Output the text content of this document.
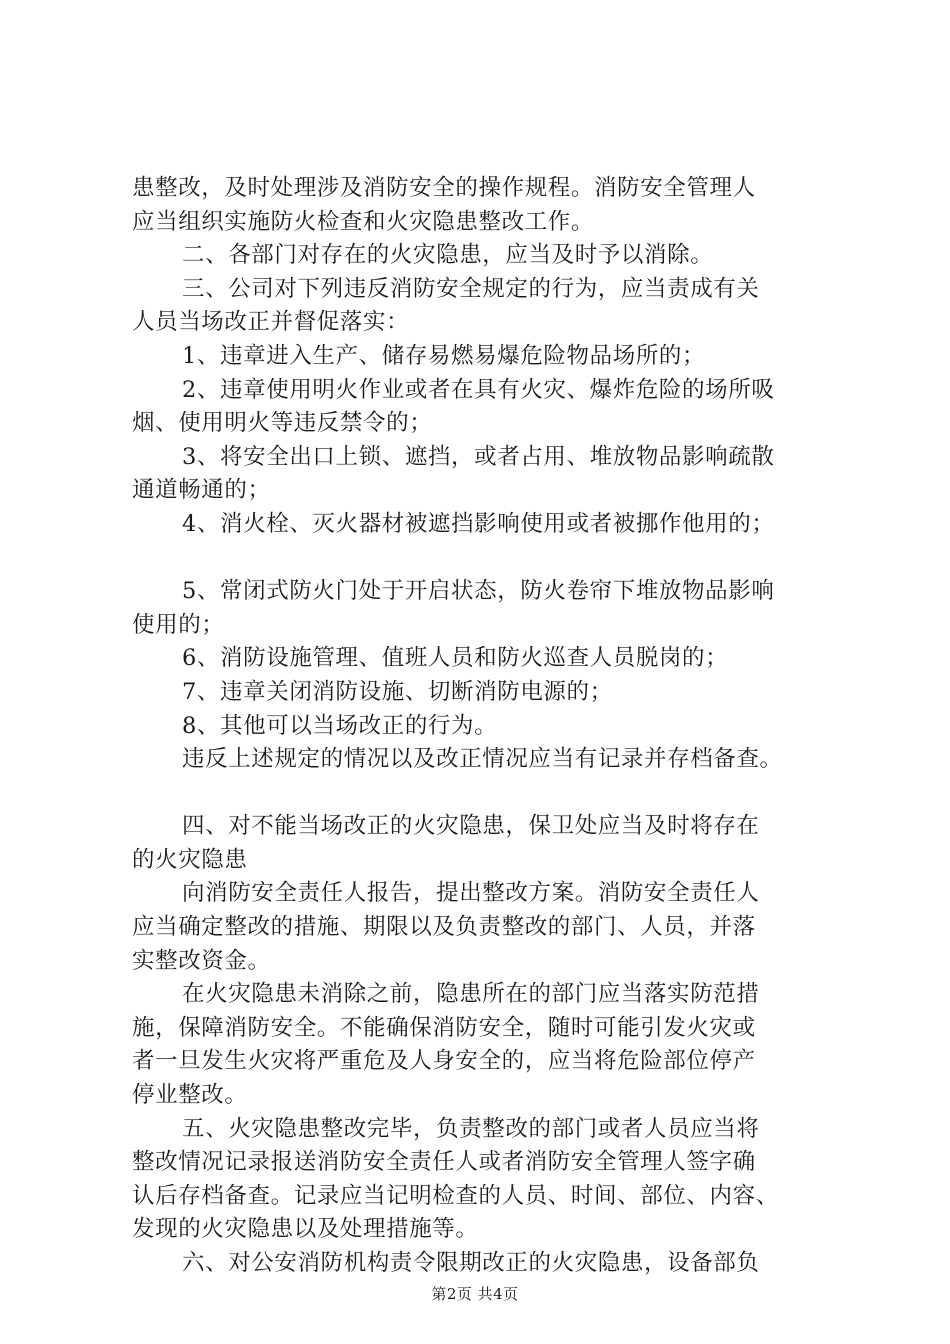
患整改，及时处理涉及消防安全的操作规程。消防安全管理人
应当组织实施防火检查和火灾隐患整改工作。
二、各部门对存在的火灾隐患，应当及时予以消除。
三、公司对下列违反消防安全规定的行为，应当责成有关
人员当场改正并督促落实：
1、违章进入生产、储存易燃易爆危险物品场所的；
2、违章使用明火作业或者在具有火灾、爆炸危险的场所吸
烟、使用明火等违反禁令的；
3、将安全出口上锁、遮挡，或者占用、堆放物品影响疏散
通道畅通的；
4、消火栓、灭火器材被遮挡影响使用或者被挪作他用的；
5、常闭式防火门处于开启状态，防火卷帘下堆放物品影响
使用的；
6、消防设施管理、值班人员和防火巡查人员脱岗的；
7、违章关闭消防设施、切断消防电源的；
8、其他可以当场改正的行为。
违反上述规定的情况以及改正情况应当有记录并存档备查。
四、对不能当场改正的火灾隐患，保卫处应当及时将存在
的火灾隐患
向消防安全责任人报告，提出整改方案。消防安全责任人
应当确定整改的措施、期限以及负责整改的部门、人员，并落
实整改资金。
在火灾隐患未消除之前，隐患所在的部门应当落实防范措
施，保障消防安全。不能确保消防安全，随时可能引发火灾或
者一旦发生火灾将严重危及人身安全的，应当将危险部位停产
停业整改。
五、火灾隐患整改完毕，负责整改的部门或者人员应当将
整改情况记录报送消防安全责任人或者消防安全管理人签字确
认后存档备查。记录应当记明检查的人员、时间、部位、内容、
发现的火灾隐患以及处理措施等。
六、对公安消防机构责令限期改正的火灾隐患，设备部负
第2页 共4页
